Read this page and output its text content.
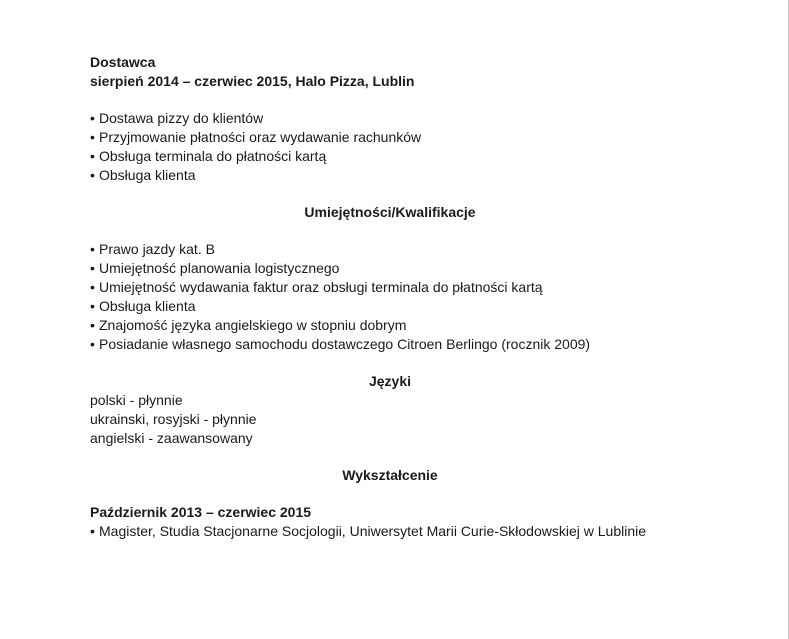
Dostawca

sierpień 2014 – czerwiec 2015, Halo Pizza, Lublin

• Dostawa pizzy do klientów
• Przyjmowanie płatności oraz wydawanie rachunków
• Obsługa terminala do płatności kartą
• Obsługa klienta

Umiejętności/Kwalifikacje

• Prawo jazdy kat. B
• Umiejętność planowania logistycznego
• Umiejętność wydawania faktur oraz obsługi terminala do płatności kartą
• Obsługa klienta
• Znajomość języka angielskiego w stopniu dobrym
• Posiadanie własnego samochodu dostawczego Citroen Berlingo (rocznik 2009)

Języki

polski - płynnie

ukrainski, rosyjski - płynnie

angielski - zaawansowany

Wykształcenie

Październik 2013 – czerwiec 2015

• Magister, Studia Stacjonarne Socjologii, Uniwersytet Marii Curie-Skłodowskiej w Lublinie
